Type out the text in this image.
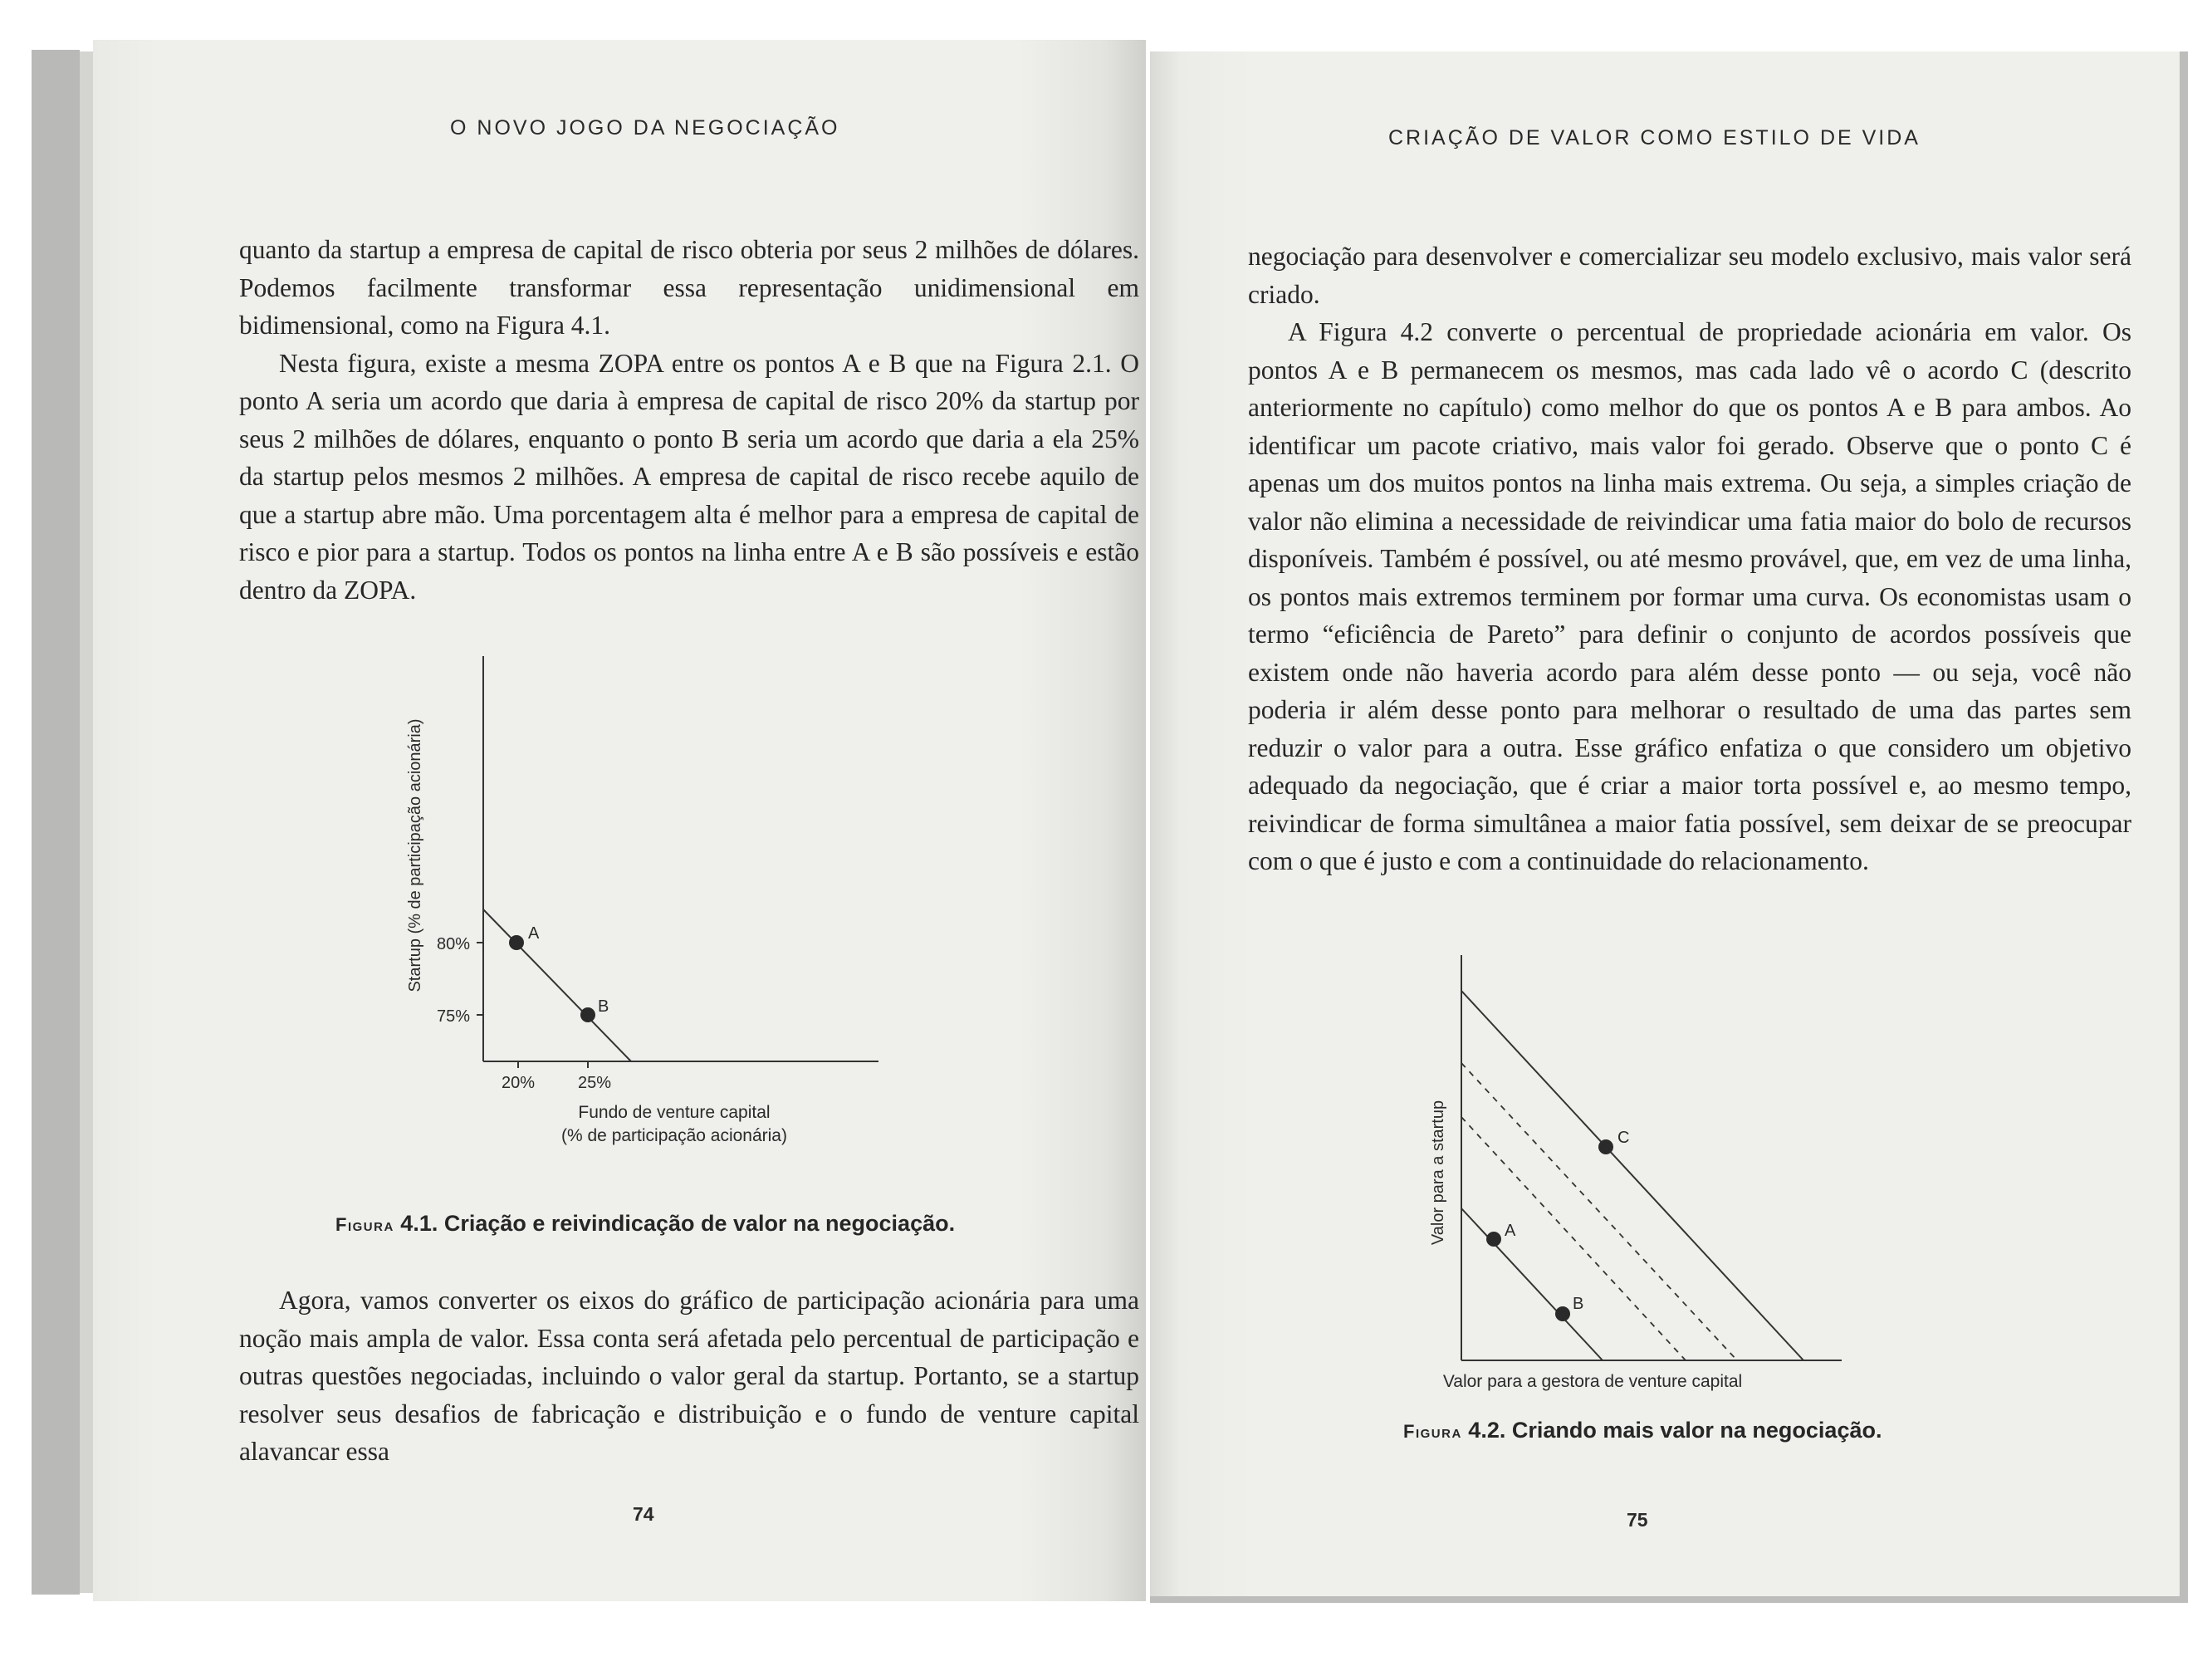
O NOVO JOGO DA NEGOCIAÇÃO

quanto da startup a empresa de capital de risco obteria por seus 2 milhões de dólares. Podemos facilmente transformar essa representação unidimensional em bidimensional, como na Figura 4.1.

Nesta figura, existe a mesma ZOPA entre os pontos A e B que na Figura 2.1. O ponto A seria um acordo que daria à empresa de capital de risco 20% da startup por seus 2 milhões de dólares, enquanto o ponto B seria um acordo que daria a ela 25% da startup pelos mesmos 2 milhões. A empresa de capital de risco recebe aquilo de que a startup abre mão. Uma porcentagem alta é melhor para a empresa de capital de risco e pior para a startup. Todos os pontos na linha entre A e B são possíveis e estão dentro da ZOPA.

A
B
80%
75%
20%	25%
Startup (% de participação acionária)
Fundo de venture capital
(% de participação acionária)
Figura 4.1. Criação e reivindicação de valor na negociação.

Agora, vamos converter os eixos do gráfico de participação acionária para uma noção mais ampla de valor. Essa conta será afetada pelo percentual de participação e outras questões negociadas, incluindo o valor geral da startup. Portanto, se a startup resolver seus desafios de fabricação e distribuição e o fundo de venture capital alavancar essa

74
CRIAÇÃO DE VALOR COMO ESTILO DE VIDA

negociação para desenvolver e comercializar seu modelo exclusivo, mais valor será criado.

A Figura 4.2 converte o percentual de propriedade acionária em valor. Os pontos A e B permanecem os mesmos, mas cada lado vê o acordo C (descrito anteriormente no capítulo) como melhor do que os pontos A e B para ambos. Ao identificar um pacote criativo, mais valor foi gerado. Observe que o ponto C é apenas um dos muitos pontos na linha mais extrema. Ou seja, a simples criação de valor não elimina a necessidade de reivindicar uma fatia maior do bolo de recursos disponíveis. Também é possível, ou até mesmo provável, que, em vez de uma linha, os pontos mais extremos terminem por formar uma curva. Os economistas usam o termo “eficiência de Pareto” para definir o conjunto de acordos possíveis que existem onde não haveria acordo para além desse ponto — ou seja, você não poderia ir além desse ponto para melhorar o resultado de uma das partes sem reduzir o valor para a outra. Esse gráfico enfatiza o que considero um objetivo adequado da negociação, que é criar a maior torta possível e, ao mesmo tempo, reivindicar de forma simultânea a maior fatia possível, sem deixar de se preocupar com o que é justo e com a continuidade do relacionamento.

A
B
C
Valor para a startup
Valor para a gestora de venture capital
Figura 4.2. Criando mais valor na negociação.
75
